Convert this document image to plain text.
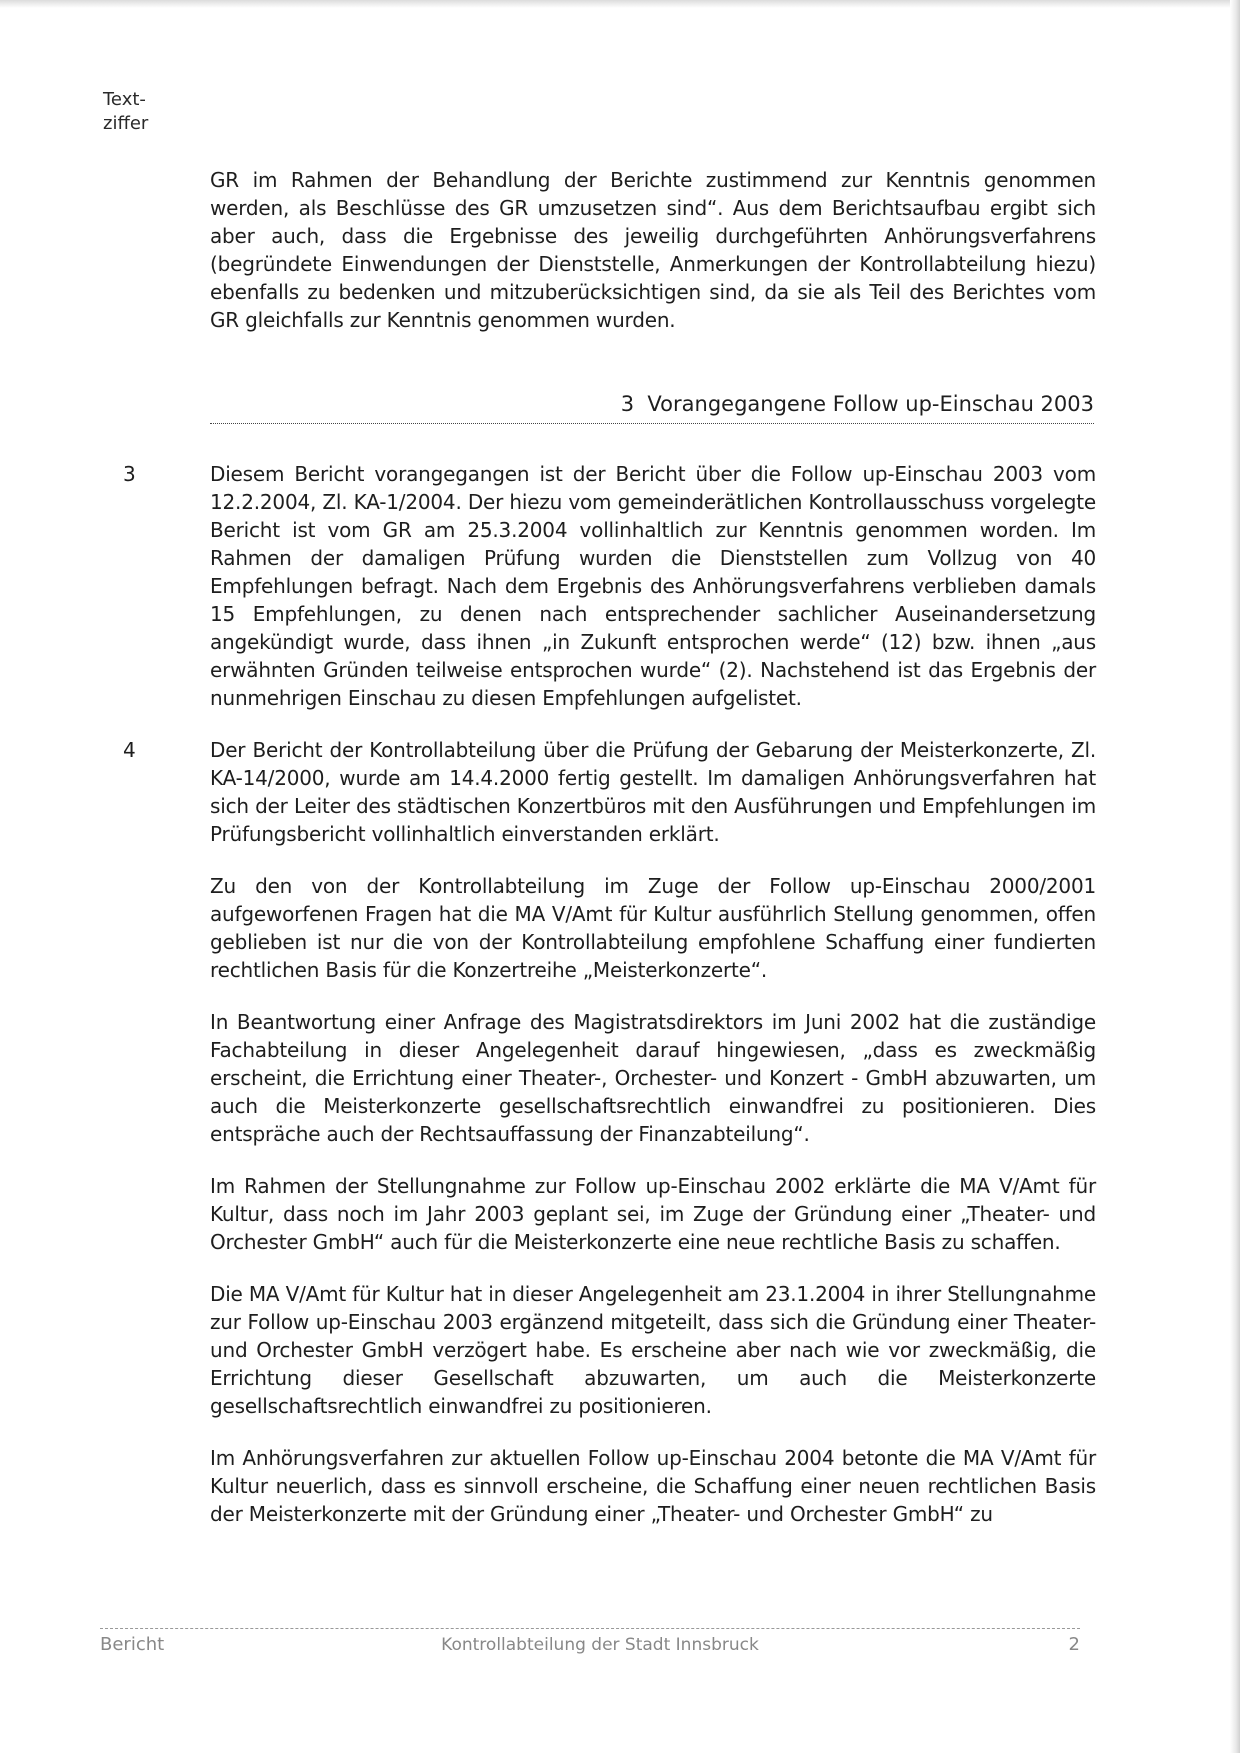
Text-
ziffer

GR im Rahmen der Behandlung der Berichte zustimmend zur Kenntnis genommen werden, als Beschlüsse des GR umzusetzen sind“. Aus dem Berichtsaufbau ergibt sich aber auch, dass die Ergebnisse des jeweilig durchgeführten Anhörungsverfahrens (begründete Einwendungen der Dienststelle, Anmerkungen der Kontrollabteilung hiezu) ebenfalls zu bedenken und mitzuberücksichtigen sind, da sie als Teil des Berichtes vom GR gleichfalls zur Kenntnis genommen wurden.

3 Vorangegangene Follow up-Einschau 2003
3	Diesem Bericht vorangegangen ist der Bericht über die Follow up-Einschau 2003 vom 12.2.2004, Zl. KA-1/2004. Der hiezu vom gemeinderätlichen Kontrollausschuss vorgelegte Bericht ist vom GR am 25.3.2004 vollinhaltlich zur Kenntnis genommen worden. Im Rahmen der damaligen Prüfung wurden die Dienststellen zum Vollzug von 40 Empfehlungen befragt. Nach dem Ergebnis des Anhörungsverfahrens verblieben damals 15 Empfehlungen, zu denen nach entsprechender sachlicher Auseinandersetzung angekündigt wurde, dass ihnen „in Zukunft entsprochen werde“ (12) bzw. ihnen „aus erwähnten Gründen teilweise entsprochen wurde“ (2). Nachstehend ist das Ergebnis der nunmehrigen Einschau zu diesen Empfehlungen aufgelistet.

4	Der Bericht der Kontrollabteilung über die Prüfung der Gebarung der Meisterkonzerte, Zl. KA-14/2000, wurde am 14.4.2000 fertig gestellt. Im damaligen Anhörungsverfahren hat sich der Leiter des städtischen Konzertbüros mit den Ausführungen und Empfehlungen im Prüfungsbericht vollinhaltlich einverstanden erklärt.

Zu den von der Kontrollabteilung im Zuge der Follow up-Einschau 2000/2001 aufgeworfenen Fragen hat die MA V/Amt für Kultur ausführlich Stellung genommen, offen geblieben ist nur die von der Kontrollabteilung empfohlene Schaffung einer fundierten rechtlichen Basis für die Konzertreihe „Meisterkonzerte“.

In Beantwortung einer Anfrage des Magistratsdirektors im Juni 2002 hat die zuständige Fachabteilung in dieser Angelegenheit darauf hingewiesen, „dass es zweckmäßig erscheint, die Errichtung einer Theater-, Orchester- und Konzert - GmbH abzuwarten, um auch die Meisterkonzerte gesellschaftsrechtlich einwandfrei zu positionieren. Dies entspräche auch der Rechtsauffassung der Finanzabteilung“.

Im Rahmen der Stellungnahme zur Follow up-Einschau 2002 erklärte die MA V/Amt für Kultur, dass noch im Jahr 2003 geplant sei, im Zuge der Gründung einer „Theater- und Orchester GmbH“ auch für die Meisterkonzerte eine neue rechtliche Basis zu schaffen.

Die MA V/Amt für Kultur hat in dieser Angelegenheit am 23.1.2004 in ihrer Stellungnahme zur Follow up-Einschau 2003 ergänzend mitgeteilt, dass sich die Gründung einer Theater- und Orchester GmbH verzögert habe. Es erscheine aber nach wie vor zweckmäßig, die Errichtung dieser Gesellschaft abzuwarten, um auch die Meisterkonzerte gesellschaftsrechtlich einwandfrei zu positionieren.

Im Anhörungsverfahren zur aktuellen Follow up-Einschau 2004 betonte die MA V/Amt für Kultur neuerlich, dass es sinnvoll erscheine, die Schaffung einer neuen rechtlichen Basis der Meisterkonzerte mit der Gründung einer „Theater- und Orchester GmbH“ zu

Bericht	Kontrollabteilung der Stadt Innsbruck	2
